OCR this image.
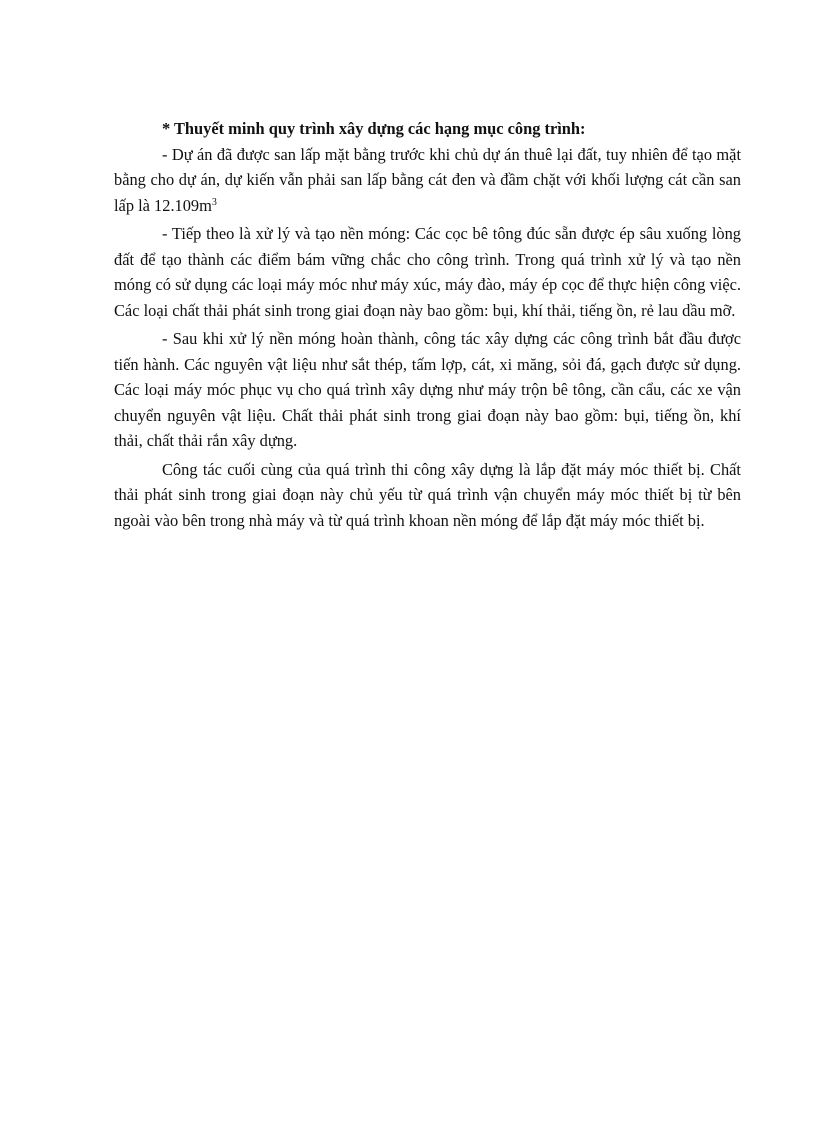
* Thuyết minh quy trình xây dựng các hạng mục công trình:

- Dự án đã được san lấp mặt bằng trước khi chủ dự án thuê lại đất, tuy nhiên để tạo mặt bằng cho dự án, dự kiến vẫn phải san lấp bằng cát đen và đầm chặt với khối lượng cát cần san lấp là $12.109m^3$

- Tiếp theo là xử lý và tạo nền móng: Các cọc bê tông đúc sẵn được ép sâu xuống lòng đất để tạo thành các điểm bám vững chắc cho công trình. Trong quá trình xử lý và tạo nền móng có sử dụng các loại máy móc như máy xúc, máy đào, máy ép cọc để thực hiện công việc. Các loại chất thải phát sinh trong giai đoạn này bao gồm: bụi, khí thải, tiếng ồn, rẻ lau dầu mỡ.

- Sau khi xử lý nền móng hoàn thành, công tác xây dựng các công trình bắt đầu được tiến hành. Các nguyên vật liệu như sắt thép, tấm lợp, cát, xi măng, sỏi đá, gạch được sử dụng. Các loại máy móc phục vụ cho quá trình xây dựng như máy trộn bê tông, cần cẩu, các xe vận chuyển nguyên vật liệu. Chất thải phát sinh trong giai đoạn này bao gồm: bụi, tiếng ồn, khí thải, chất thải rắn xây dựng.

Công tác cuối cùng của quá trình thi công xây dựng là lắp đặt máy móc thiết bị. Chất thải phát sinh trong giai đoạn này chủ yếu từ quá trình vận chuyển máy móc thiết bị từ bên ngoài vào bên trong nhà máy và từ quá trình khoan nền móng để lắp đặt máy móc thiết bị.
